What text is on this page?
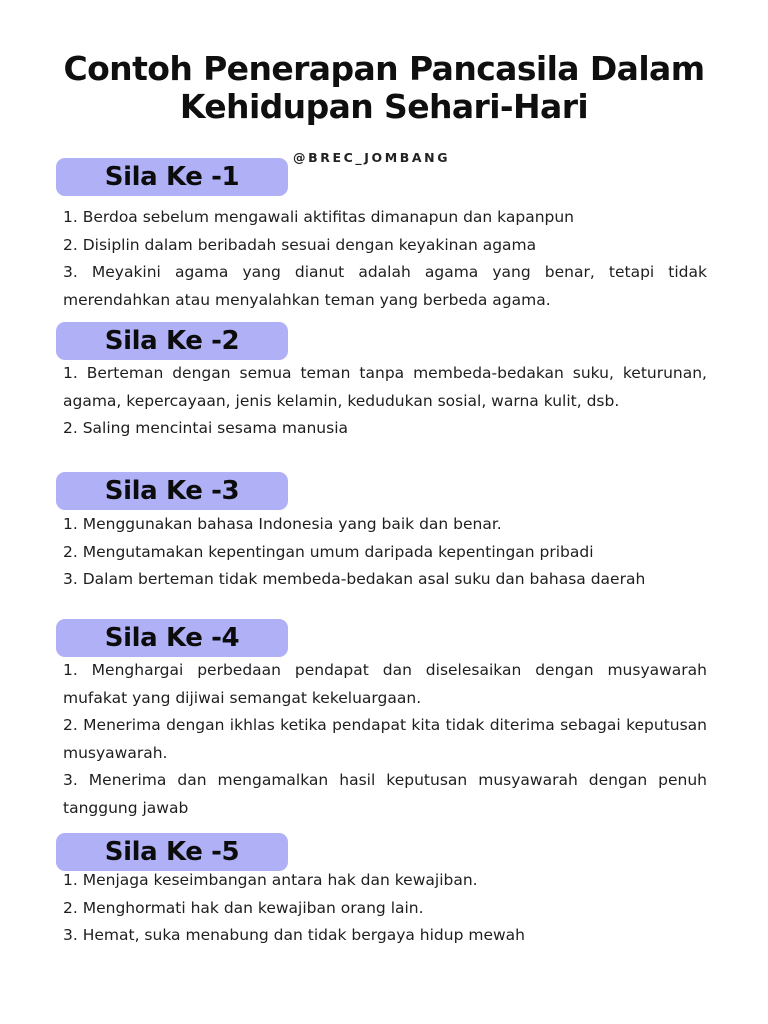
Contoh Penerapan Pancasila Dalam
Kehidupan Sehari-Hari
@BREC_JOMBANG
Sila Ke -1

1. Berdoa sebelum mengawali aktifitas dimanapun dan kapanpun

2. Disiplin dalam beribadah sesuai dengan keyakinan agama

3. Meyakini agama yang dianut adalah agama yang benar, tetapi tidak merendahkan atau menyalahkan teman yang berbeda agama.

Sila Ke -2

1. Berteman dengan semua teman tanpa membeda-bedakan suku, keturunan, agama, kepercayaan, jenis kelamin, kedudukan sosial, warna kulit, dsb.

2. Saling mencintai sesama manusia

Sila Ke -3

1. Menggunakan bahasa Indonesia yang baik dan benar.

2. Mengutamakan kepentingan umum daripada kepentingan pribadi

3. Dalam berteman tidak membeda-bedakan asal suku dan bahasa daerah

Sila Ke -4

1. Menghargai perbedaan pendapat dan diselesaikan dengan musyawarah mufakat yang dijiwai semangat kekeluargaan.

2. Menerima dengan ikhlas ketika pendapat kita tidak diterima sebagai keputusan musyawarah.

3. Menerima dan mengamalkan hasil keputusan musyawarah dengan penuh tanggung jawab

Sila Ke -5

1. Menjaga keseimbangan antara hak dan kewajiban.

2. Menghormati hak dan kewajiban orang lain.

3. Hemat, suka menabung dan tidak bergaya hidup mewah
